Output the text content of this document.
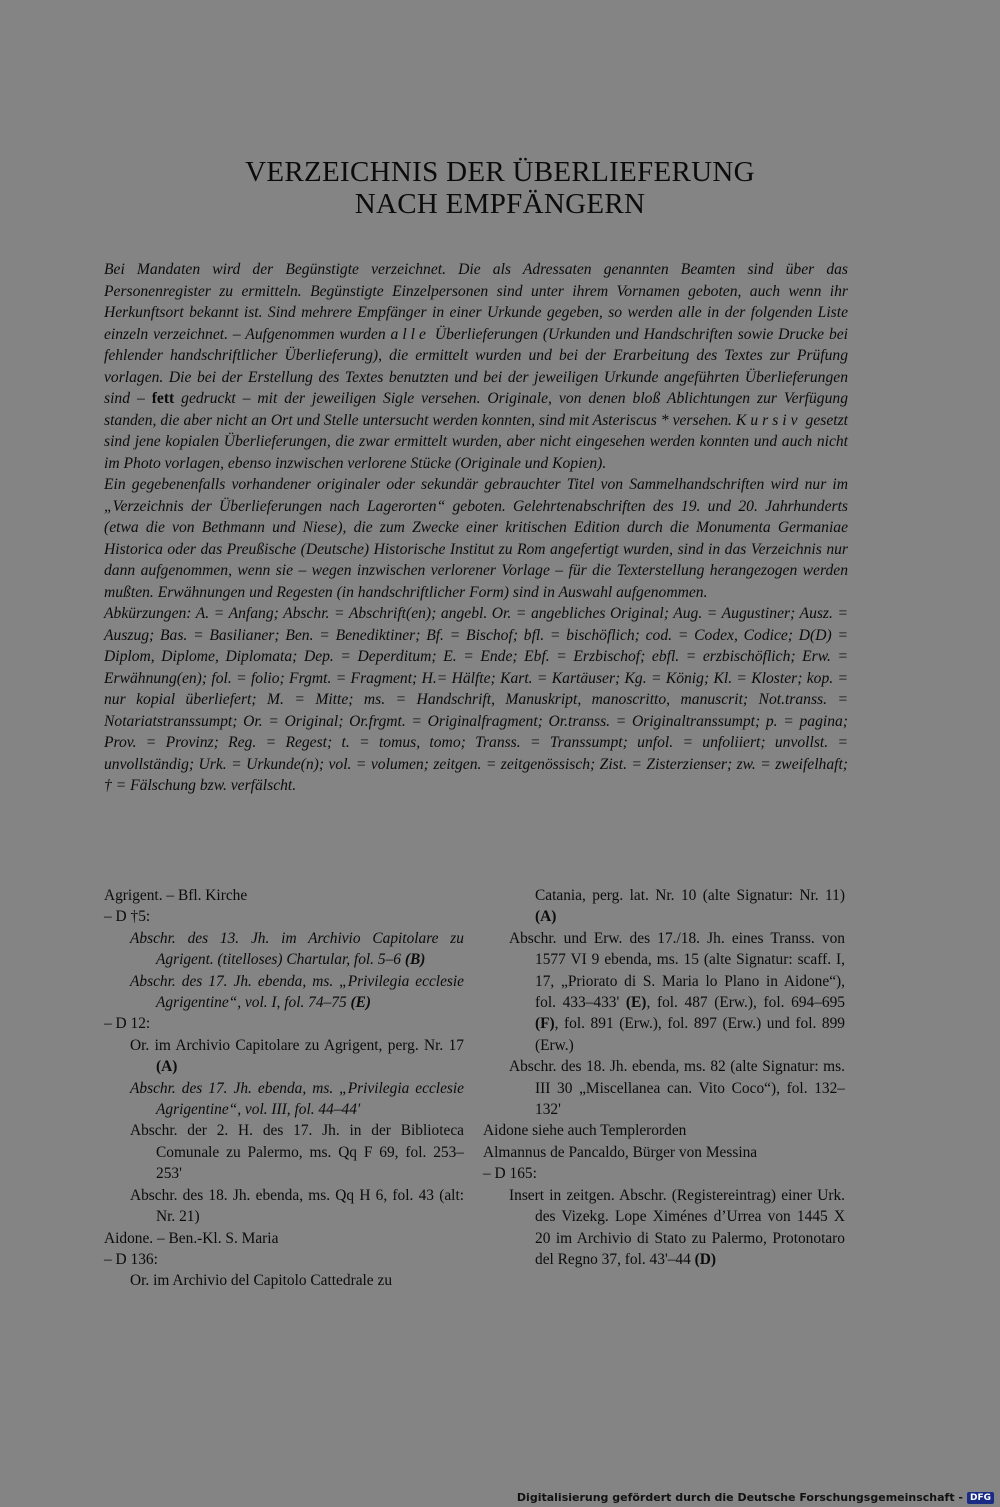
VERZEICHNIS DER ÜBERLIEFERUNG
NACH EMPFÄNGERN

Bei Mandaten wird der Begünstigte verzeichnet. Die als Adressaten genannten Beamten sind über das Personenregister zu ermitteln. Begünstigte Einzelpersonen sind unter ihrem Vornamen geboten, auch wenn ihr Herkunftsort bekannt ist. Sind mehrere Empfänger in einer Urkunde gegeben, so werden alle in der folgenden Liste einzeln verzeichnet. – Aufgenommen wurden alle Überlieferungen (Urkunden und Handschriften sowie Drucke bei fehlender handschriftlicher Überlieferung), die ermittelt wurden und bei der Erarbeitung des Textes zur Prüfung vorlagen. Die bei der Erstellung des Textes benutzten und bei der jeweiligen Urkunde angeführten Überlieferungen sind – fett gedruckt – mit der jeweiligen Sigle versehen. Originale, von denen bloß Ablichtungen zur Verfügung standen, die aber nicht an Ort und Stelle untersucht werden konnten, sind mit Asteriscus * versehen. Kursiv gesetzt sind jene kopialen Überlieferungen, die zwar ermittelt wurden, aber nicht eingesehen werden konnten und auch nicht im Photo vorlagen, ebenso inzwischen verlorene Stücke (Originale und Kopien).

Ein gegebenenfalls vorhandener originaler oder sekundär gebrauchter Titel von Sammelhandschriften wird nur im „Verzeichnis der Überlieferungen nach Lagerorten“ geboten. Gelehrtenabschriften des 19. und 20. Jahrhunderts (etwa die von Bethmann und Niese), die zum Zwecke einer kritischen Edition durch die Monumenta Germaniae Historica oder das Preußische (Deutsche) Historische Institut zu Rom angefertigt wurden, sind in das Verzeichnis nur dann aufgenommen, wenn sie – wegen inzwischen verlorener Vorlage – für die Texterstellung herangezogen werden mußten. Erwähnungen und Regesten (in handschriftlicher Form) sind in Auswahl aufgenommen.

Abkürzungen: A. = Anfang; Abschr. = Abschrift(en); angebl. Or. = angebliches Original; Aug. = Augustiner; Ausz. = Auszug; Bas. = Basilianer; Ben. = Benediktiner; Bf. = Bischof; bfl. = bischöflich; cod. = Codex, Codice; D(D) = Diplom, Diplome, Diplomata; Dep. = Deperditum; E. = Ende; Ebf. = Erzbischof; ebfl. = erzbischöflich; Erw. = Erwähnung(en); fol. = folio; Frgmt. = Fragment; H.= Hälfte; Kart. = Kartäuser; Kg. = König; Kl. = Kloster; kop. = nur kopial überliefert; M. = Mitte; ms. = Handschrift, Manuskript, manoscritto, manuscrit; Not.transs. = Notariatstranssumpt; Or. = Original; Or.frgmt. = Originalfragment; Or.transs. = Originaltranssumpt; p. = pagina; Prov. = Provinz; Reg. = Regest; t. = tomus, tomo; Transs. = Transsumpt; unfol. = unfoliiert; unvollst. = unvollständig; Urk. = Urkunde(n); vol. = volumen; zeitgen. = zeitgenössisch; Zist. = Zisterzienser; zw. = zweifelhaft; † = Fälschung bzw. verfälscht.

Agrigent. – Bfl. Kirche
– D †5:
Abschr. des 13. Jh. im Archivio Capitolare zu Agrigent. (titelloses) Chartular, fol. 5–6 (B)
Abschr. des 17. Jh. ebenda, ms. „Privilegia ecclesie Agrigentine“, vol. I, fol. 74–75 (E)
– D 12:
Or. im Archivio Capitolare zu Agrigent, perg. Nr. 17 (A)
Abschr. des 17. Jh. ebenda, ms. „Privilegia ecclesie Agrigentine“, vol. III, fol. 44–44'
Abschr. der 2. H. des 17. Jh. in der Biblioteca Comunale zu Palermo, ms. Qq F 69, fol. 253–253'
Abschr. des 18. Jh. ebenda, ms. Qq H 6, fol. 43 (alt: Nr. 21)
Aidone. – Ben.-Kl. S. Maria
– D 136:
Or. im Archivio del Capitolo Cattedrale zu
Catania, perg. lat. Nr. 10 (alte Signatur: Nr. 11) (A)
Abschr. und Erw. des 17./18. Jh. eines Transs. von 1577 VI 9 ebenda, ms. 15 (alte Signatur: scaff. I, 17, „Priorato di S. Maria lo Plano in Aidone“), fol. 433–433' (E), fol. 487 (Erw.), fol. 694–695 (F), fol. 891 (Erw.), fol. 897 (Erw.) und fol. 899 (Erw.)
Abschr. des 18. Jh. ebenda, ms. 82 (alte Signatur: ms. III 30 „Miscellanea can. Vito Coco“), fol. 132–132'
Aidone siehe auch Templerorden
Almannus de Pancaldo, Bürger von Messina
– D 165:
Insert in zeitgen. Abschr. (Registereintrag) einer Urk. des Vizekg. Lope Ximénes d’Urrea von 1445 X 20 im Archivio di Stato zu Palermo, Protonotaro del Regno 37, fol. 43'–44 (D)
Digitalisierung gefördert durch die Deutsche Forschungsgemeinschaft - DFG
